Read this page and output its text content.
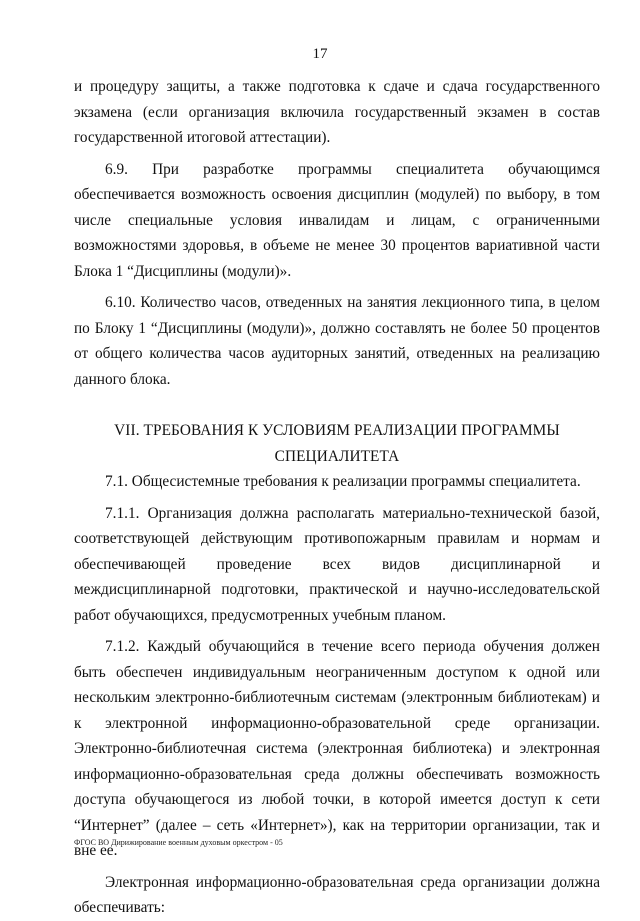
17

и процедуру защиты, а также подготовка к сдаче и сдача государственного экзамена (если организация включила государственный экзамен в состав государственной итоговой аттестации).

6.9. При разработке программы специалитета обучающимся обеспечивается возможность освоения дисциплин (модулей) по выбору, в том числе специальные условия инвалидам и лицам, с ограниченными возможностями здоровья, в объеме не менее 30 процентов вариативной части Блока 1 “Дисциплины (модули)».

6.10. Количество часов, отведенных на занятия лекционного типа, в целом по Блоку 1 “Дисциплины (модули)», должно составлять не более 50 процентов от общего количества часов аудиторных занятий, отведенных на реализацию данного блока.

VII. ТРЕБОВАНИЯ К УСЛОВИЯМ РЕАЛИЗАЦИИ ПРОГРАММЫ
СПЕЦИАЛИТЕТА

7.1. Общесистемные требования к реализации программы специалитета.

7.1.1. Организация должна располагать материально-технической базой, соответствующей действующим противопожарным правилам и нормам и обеспечивающей проведение всех видов дисциплинарной и междисциплинарной подготовки, практической и научно-исследовательской работ обучающихся, предусмотренных учебным планом.

7.1.2. Каждый обучающийся в течение всего периода обучения должен быть обеспечен индивидуальным неограниченным доступом к одной или нескольким электронно-библиотечным системам (электронным библиотекам) и к электронной информационно-образовательной среде организации. Электронно-библиотечная система (электронная библиотека) и электронная информационно-образовательная среда должны обеспечивать возможность доступа обучающегося из любой точки, в которой имеется доступ к сети “Интернет” (далее – сеть «Интернет»), как на территории организации, так и вне ее.

Электронная информационно-образовательная среда организации должна обеспечивать:

ФГОС ВО Дирижирование военным духовым оркестром - 05
